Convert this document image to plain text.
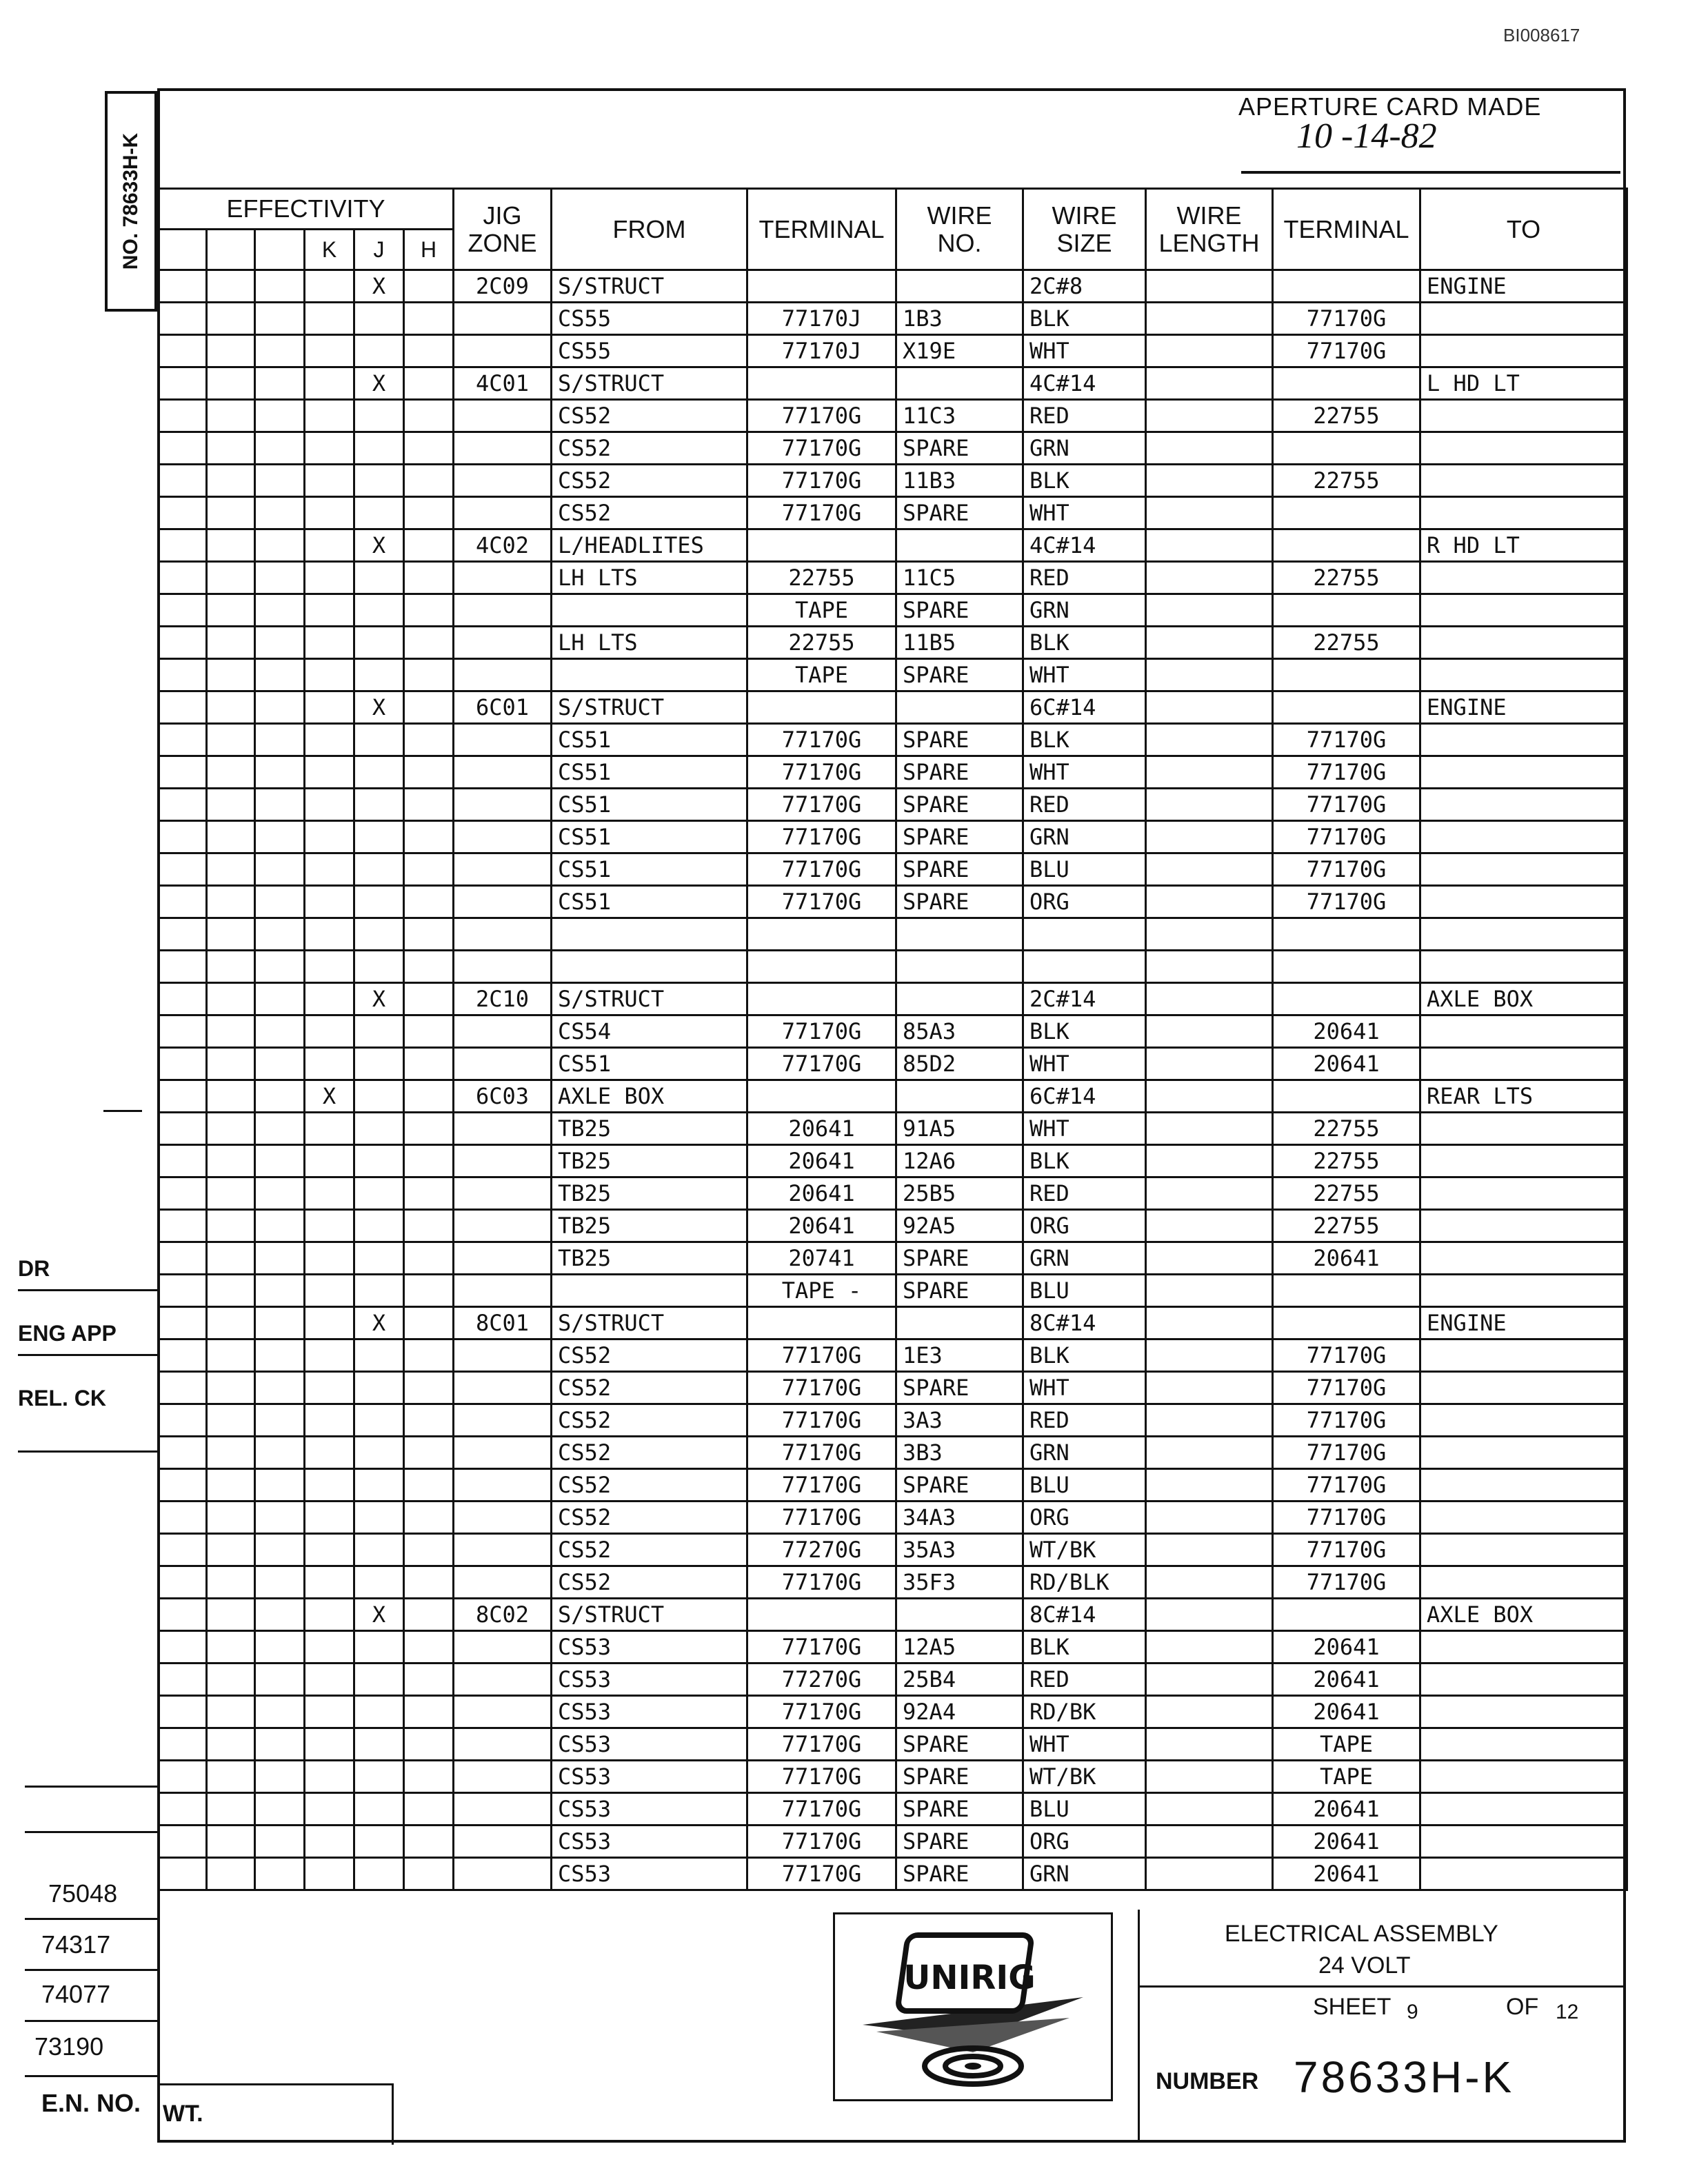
BI008617
NO. 78633H-K
APERTURE CARD MADE
10 -14-82
EFFECTIVITY						JIG ZONE	FROM	TERMINAL	WIRE NO.	WIRE SIZE	WIRE LENGTH	TERMINAL	TO
			K	J	H								
				X		2C09	S/STRUCT			2C#8			ENGINE
							CS55	77170J	1B3	BLK		77170G	
							CS55	77170J	X19E	WHT		77170G	
				X		4C01	S/STRUCT			4C#14			L HD LT
							CS52	77170G	11C3	RED		22755	
							CS52	77170G	SPARE	GRN			
							CS52	77170G	11B3	BLK		22755	
							CS52	77170G	SPARE	WHT			
				X		4C02	L/HEADLITES			4C#14			R HD LT
							LH LTS	22755	11C5	RED		22755	
								TAPE	SPARE	GRN			
							LH LTS	22755	11B5	BLK		22755	
								TAPE	SPARE	WHT			
				X		6C01	S/STRUCT			6C#14			ENGINE
							CS51	77170G	SPARE	BLK		77170G	
							CS51	77170G	SPARE	WHT		77170G	
							CS51	77170G	SPARE	RED		77170G	
							CS51	77170G	SPARE	GRN		77170G	
							CS51	77170G	SPARE	BLU		77170G	
							CS51	77170G	SPARE	ORG		77170G	

				X		2C10	S/STRUCT			2C#14			AXLE BOX
							CS54	77170G	85A3	BLK		20641	
							CS51	77170G	85D2	WHT		20641	
			X			6C03	AXLE BOX			6C#14			REAR LTS
							TB25	20641	91A5	WHT		22755	
							TB25	20641	12A6	BLK		22755	
							TB25	20641	25B5	RED		22755	
							TB25	20641	92A5	ORG		22755	
							TB25	20741	SPARE	GRN		20641	
								TAPE -	SPARE	BLU			
				X		8C01	S/STRUCT			8C#14			ENGINE
							CS52	77170G	1E3	BLK		77170G	
							CS52	77170G	SPARE	WHT		77170G	
							CS52	77170G	3A3	RED		77170G	
							CS52	77170G	3B3	GRN		77170G	
							CS52	77170G	SPARE	BLU		77170G	
							CS52	77170G	34A3	ORG		77170G	
							CS52	77270G	35A3	WT/BK		77170G	
							CS52	77170G	35F3	RD/BLK		77170G	
				X		8C02	S/STRUCT			8C#14			AXLE BOX
							CS53	77170G	12A5	BLK		20641	
							CS53	77270G	25B4	RED		20641	
							CS53	77170G	92A4	RD/BK		20641	
							CS53	77170G	SPARE	WHT		TAPE	
							CS53	77170G	SPARE	WT/BK		TAPE	
							CS53	77170G	SPARE	BLU		20641	
							CS53	77170G	SPARE	ORG		20641	
							CS53	77170G	SPARE	GRN		20641	
DR
ENG APP
REL. CK
75048
74317
74077
73190
E.N. NO. WT.
UNIRIG
ELECTRICAL ASSEMBLY
24 VOLT
SHEET 9	OF 12
NUMBER 78633H-K
